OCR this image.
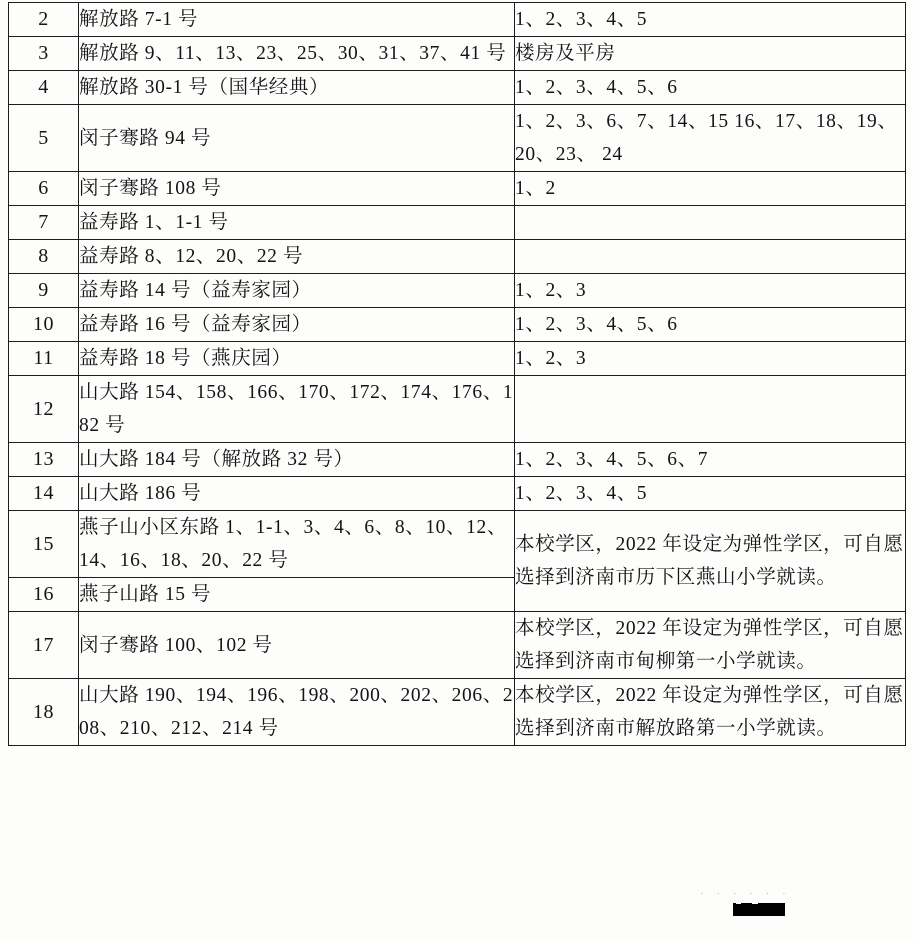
2	解放路 7-1 号	1、2、3、4、5
3	解放路 9、11、13、23、25、30、31、37、41 号	楼房及平房
4	解放路 30-1 号（国华经典）	1、2、3、4、5、6
5	闵子骞路 94 号	1、2、3、6、7、14、15 16、17、18、19、20、23、 24
6	闵子骞路 108 号	1、2
7	益寿路 1、1-1 号	
8	益寿路 8、12、20、22 号	
9	益寿路 14 号（益寿家园）	1、2、3
10	益寿路 16 号（益寿家园）	1、2、3、4、5、6
11	益寿路 18 号（燕庆园）	1、2、3
12	山大路 154、158、166、170、172、174、176、182 号	
13	山大路 184 号（解放路 32 号）	1、2、3、4、5、6、7
14	山大路 186 号	1、2、3、4、5
15	燕子山小区东路 1、1-1、3、4、6、8、10、12、14、16、18、20、22 号	本校学区，2022 年设定为弹性学区，可自愿选择到济南市历下区燕山小学就读。
16	燕子山路 15 号	
17	闵子骞路 100、102 号	本校学区，2022 年设定为弹性学区，可自愿选择到济南市甸柳第一小学就读。
18	山大路 190、194、196、198、200、202、206、208、210、212、214 号	本校学区，2022 年设定为弹性学区，可自愿选择到济南市解放路第一小学就读。
· · · · · ·
